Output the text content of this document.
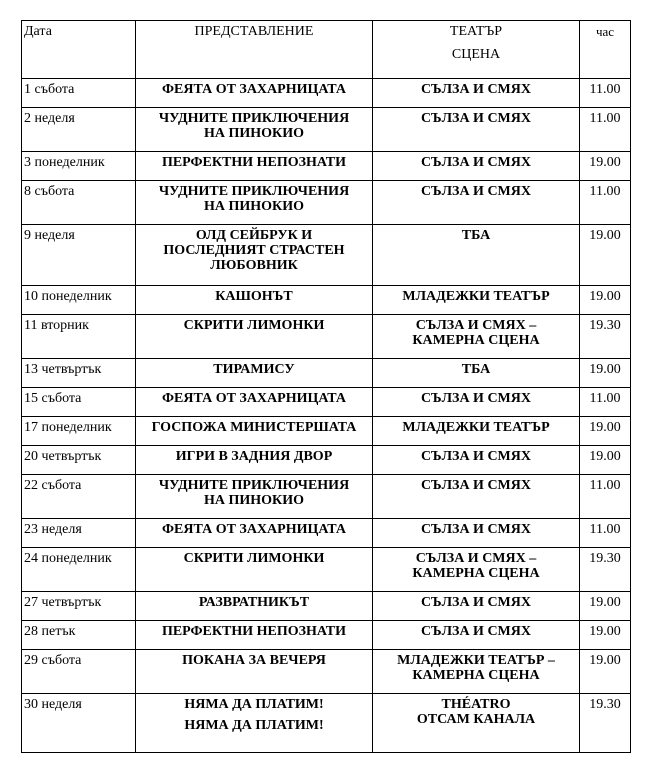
Дата	ПРЕДСТАВЛЕНИЕ	ТЕАТЪР
СЦЕНА	час
1 събота	ФЕЯТА ОТ ЗАХАРНИЦАТА	СЪЛЗА И СМЯХ	11.00
2 неделя	ЧУДНИТЕ ПРИКЛЮЧЕНИЯ
НА ПИНОКИО	СЪЛЗА И СМЯХ	11.00
3 понеделник	ПЕРФЕКТНИ НЕПОЗНАТИ	СЪЛЗА И СМЯХ	19.00
8 събота	ЧУДНИТЕ ПРИКЛЮЧЕНИЯ
НА ПИНОКИО	СЪЛЗА И СМЯХ	11.00
9 неделя	ОЛД СЕЙБРУК И
ПОСЛЕДНИЯТ СТРАСТЕН
ЛЮБОВНИК	ТБА	19.00
10 понеделник	КАШОНЪТ	МЛАДЕЖКИ ТЕАТЪР	19.00
11 вторник	СКРИТИ ЛИМОНКИ	СЪЛЗА И СМЯХ –
КАМЕРНА СЦЕНА	19.30
13 четвъртък	ТИРАМИСУ	ТБА	19.00
15 събота	ФЕЯТА ОТ ЗАХАРНИЦАТА	СЪЛЗА И СМЯХ	11.00
17 понеделник	ГОСПОЖА МИНИСТЕРШАТА	МЛАДЕЖКИ ТЕАТЪР	19.00
20 четвъртък	ИГРИ В ЗАДНИЯ ДВОР	СЪЛЗА И СМЯХ	19.00
22 събота	ЧУДНИТЕ ПРИКЛЮЧЕНИЯ
НА ПИНОКИО	СЪЛЗА И СМЯХ	11.00
23 неделя	ФЕЯТА ОТ ЗАХАРНИЦАТА	СЪЛЗА И СМЯХ	11.00
24 понеделник	СКРИТИ ЛИМОНКИ	СЪЛЗА И СМЯХ –
КАМЕРНА СЦЕНА	19.30
27 четвъртък	РАЗВРАТНИКЪТ	СЪЛЗА И СМЯХ	19.00
28 петък	ПЕРФЕКТНИ НЕПОЗНАТИ	СЪЛЗА И СМЯХ	19.00
29 събота	ПОКАНА ЗА ВЕЧЕРЯ	МЛАДЕЖКИ ТЕАТЪР –
КАМЕРНА СЦЕНА	19.00
30 неделя	НЯМА ДА ПЛАТИМ!
НЯМА ДА ПЛАТИМ!	THÉATRO
ОТСАМ КАНАЛА	19.30
